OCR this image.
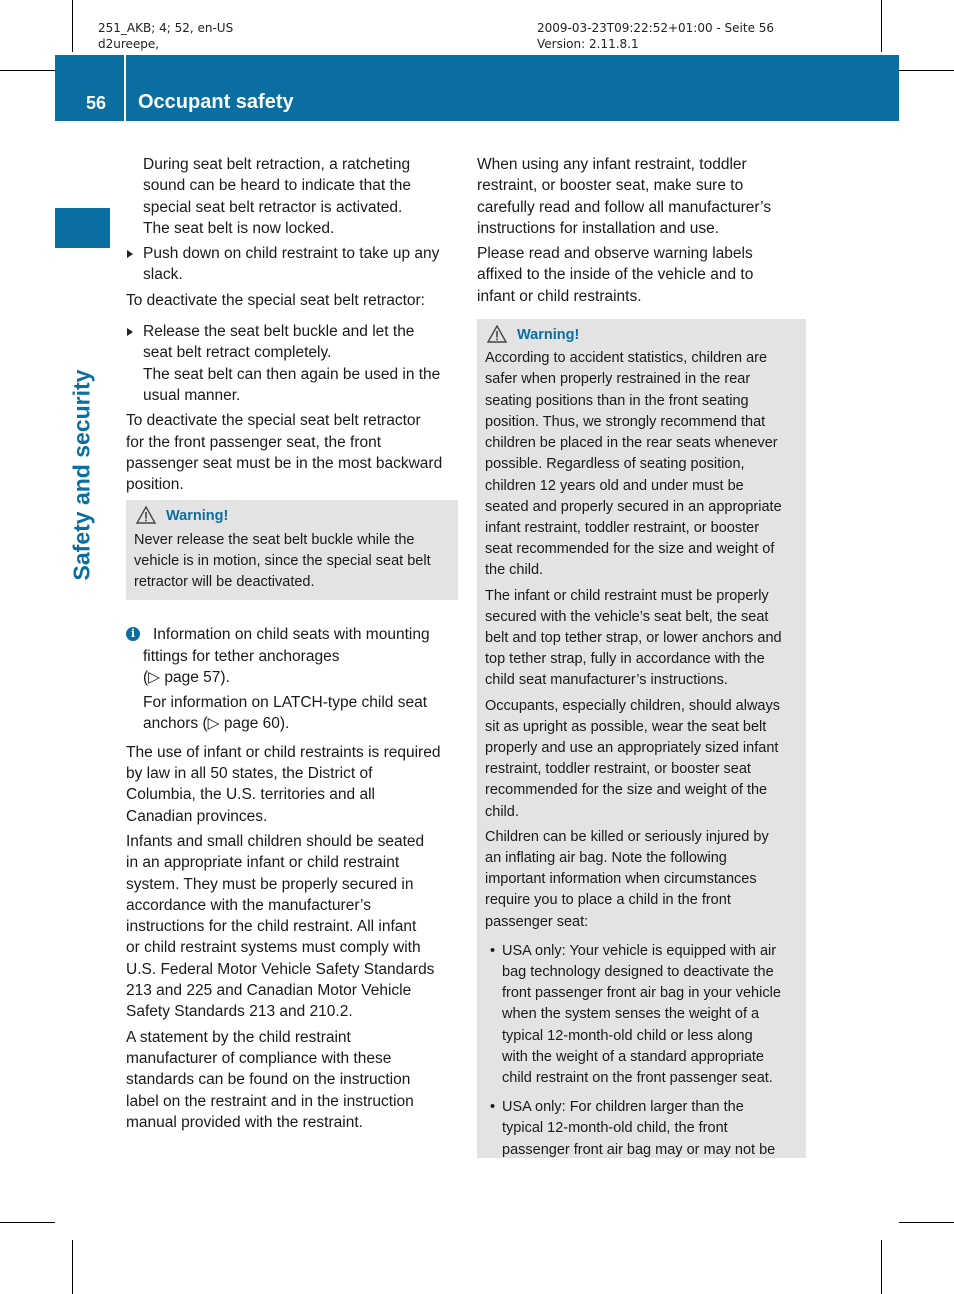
251_AKB; 4; 52, en-US
d2ureepe,
2009-03-23T09:22:52+01:00 - Seite 56
Version: 2.11.8.1
56 Occupant safety
Safety and security
During seat belt retraction, a ratcheting
sound can be heard to indicate that the
special seat belt retractor is activated.
The seat belt is now locked.
Push down on child restraint to take up any
slack.
To deactivate the special seat belt retractor:
Release the seat belt buckle and let the
seat belt retract completely.
The seat belt can then again be used in the
usual manner.
To deactivate the special seat belt retractor
for the front passenger seat, the front
passenger seat must be in the most backward
position.
Warning!
Never release the seat belt buckle while the
vehicle is in motion, since the special seat belt
retractor will be deactivated.
i	Information on child seats with mounting
fittings for tether anchorages
(▷ page 57).
For information on LATCH-type child seat
anchors (▷ page 60).
The use of infant or child restraints is required
by law in all 50 states, the District of
Columbia, the U.S. territories and all
Canadian provinces.
Infants and small children should be seated
in an appropriate infant or child restraint
system. They must be properly secured in
accordance with the manufacturer’s
instructions for the child restraint. All infant
or child restraint systems must comply with
U.S. Federal Motor Vehicle Safety Standards
213 and 225 and Canadian Motor Vehicle
Safety Standards 213 and 210.2.
A statement by the child restraint
manufacturer of compliance with these
standards can be found on the instruction
label on the restraint and in the instruction
manual provided with the restraint.
When using any infant restraint, toddler
restraint, or booster seat, make sure to
carefully read and follow all manufacturer’s
instructions for installation and use.
Please read and observe warning labels
affixed to the inside of the vehicle and to
infant or child restraints.
Warning!
According to accident statistics, children are
safer when properly restrained in the rear
seating positions than in the front seating
position. Thus, we strongly recommend that
children be placed in the rear seats whenever
possible. Regardless of seating position,
children 12 years old and under must be
seated and properly secured in an appropriate
infant restraint, toddler restraint, or booster
seat recommended for the size and weight of
the child.
The infant or child restraint must be properly
secured with the vehicle’s seat belt, the seat
belt and top tether strap, or lower anchors and
top tether strap, fully in accordance with the
child seat manufacturer’s instructions.
Occupants, especially children, should always
sit as upright as possible, wear the seat belt
properly and use an appropriately sized infant
restraint, toddler restraint, or booster seat
recommended for the size and weight of the
child.
Children can be killed or seriously injured by
an inflating air bag. Note the following
important information when circumstances
require you to place a child in the front
passenger seat:
• USA only: Your vehicle is equipped with air
bag technology designed to deactivate the
front passenger front air bag in your vehicle
when the system senses the weight of a
typical 12-month-old child or less along
with the weight of a standard appropriate
child restraint on the front passenger seat.
• USA only: For children larger than the
typical 12-month-old child, the front
passenger front air bag may or may not be
